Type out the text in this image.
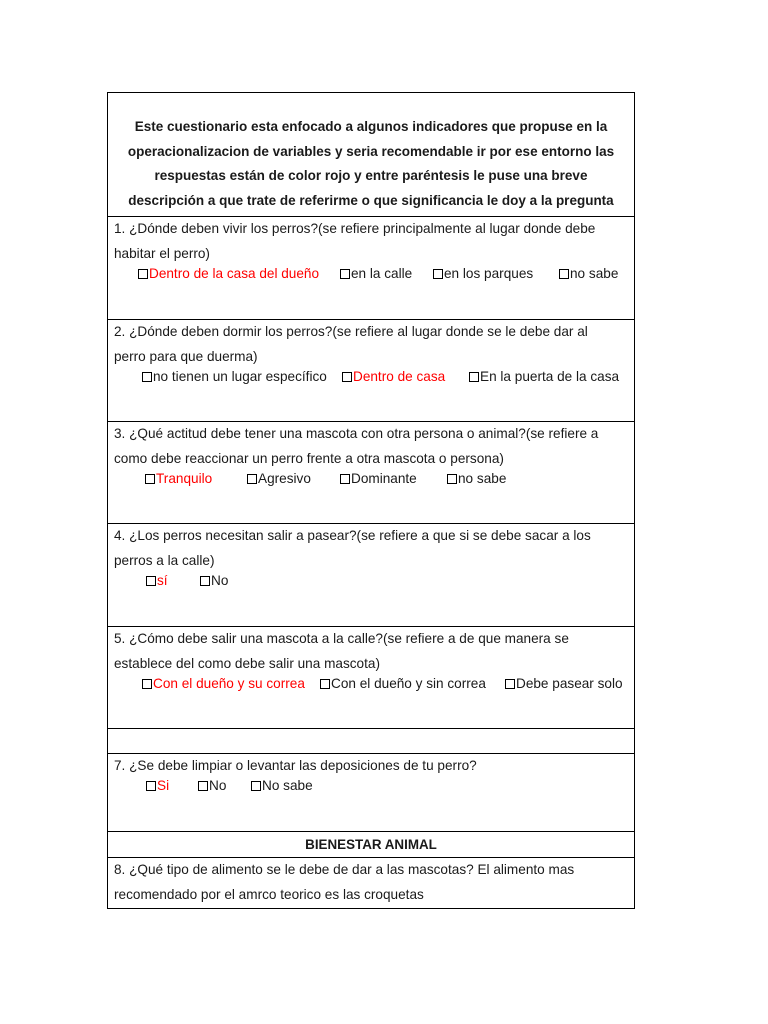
Este cuestionario esta enfocado a algunos indicadores que propuse en la
operacionalizacion de variables y seria recomendable ir por ese entorno las
respuestas están de color rojo y entre paréntesis le puse una breve
descripción a que trate de referirme o que significancia le doy a la pregunta
1. ¿Dónde deben vivir los perros?(se refiere principalmente al lugar donde debe
habitar el perro)
Dentro de la casa del dueño en la calle en los parques	no sabe
2. ¿Dónde deben dormir los perros?(se refiere al lugar donde se le debe dar al
perro para que duerma)
no tienen un lugar específico Dentro de casa	En la puerta de la casa
3. ¿Qué actitud debe tener una mascota con otra persona o animal?(se refiere a
como debe reaccionar un perro frente a otra mascota o persona)
Tranquilo	Agresivo	Dominante	no sabe
4. ¿Los perros necesitan salir a pasear?(se refiere a que si se debe sacar a los
perros a la calle)
sí	No
5. ¿Cómo debe salir una mascota a la calle?(se refiere a de que manera se
establece del como debe salir una mascota)
Con el dueño y su correa Con el dueño y sin correa Debe pasear solo
7. ¿Se debe limpiar o levantar las deposiciones de tu perro?
Si	No	No sabe
BIENESTAR ANIMAL
8. ¿Qué tipo de alimento se le debe de dar a las mascotas? El alimento mas
recomendado por el amrco teorico es las croquetas
